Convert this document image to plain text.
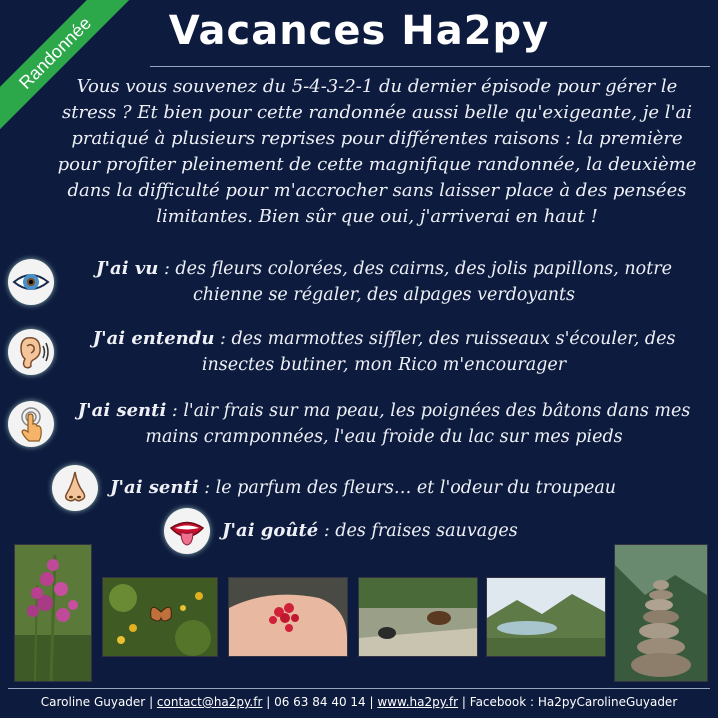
Randonnée	Vacances Ha2py
Vous vous souvenez du 5-4-3-2-1 du dernier épisode pour gérer le stress ? Et bien pour cette randonnée aussi belle qu'exigeante, je l'ai pratiqué à plusieurs reprises pour différentes raisons : la première pour profiter pleinement de cette magnifique randonnée, la deuxième dans la difficulté pour m'accrocher sans laisser place à des pensées limitantes. Bien sûr que oui, j'arriverai en haut !
J'ai vu : des fleurs colorées, des cairns, des jolis papillons, notre chienne se régaler, des alpages verdoyants
J'ai entendu : des marmottes siffler, des ruisseaux s'écouler, des insectes butiner, mon Rico m'encourager
J'ai senti : l'air frais sur ma peau, les poignées des bâtons dans mes mains cramponnées, l'eau froide du lac sur mes pieds
J'ai senti : le parfum des fleurs… et l'odeur du troupeau
J'ai goûté : des fraises sauvages
Caroline Guyader | contact@ha2py.fr | 06 63 84 40 14 | www.ha2py.fr | Facebook : Ha2pyCarolineGuyader
